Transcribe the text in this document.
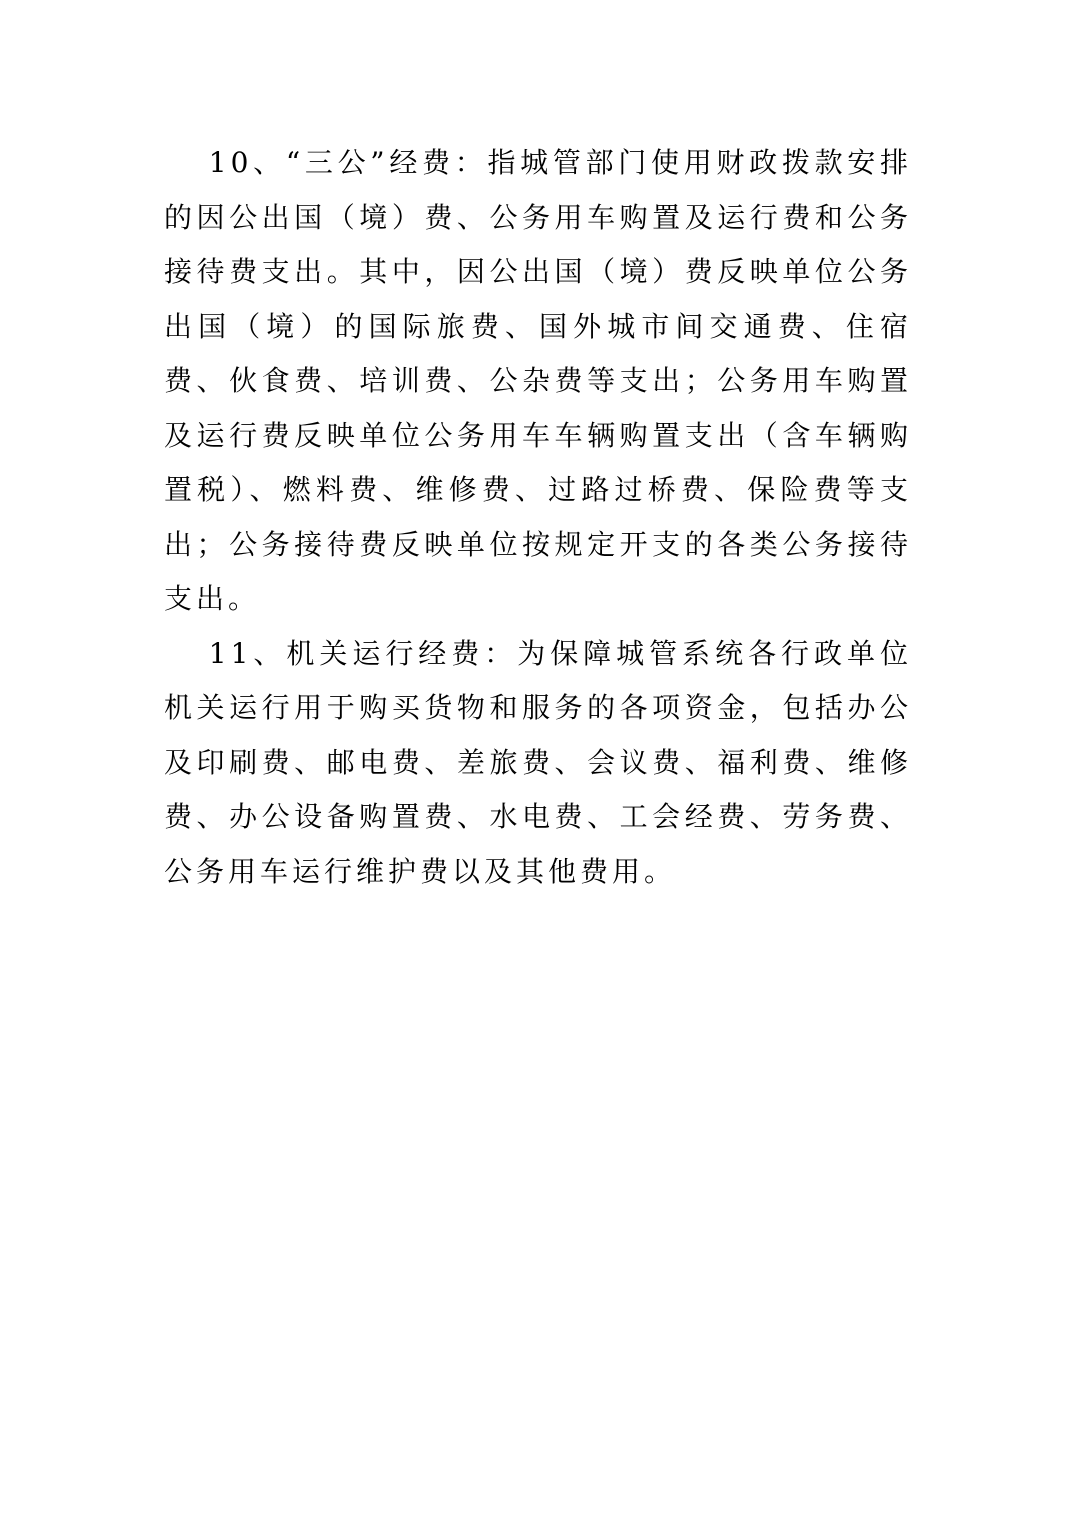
10、“三公”经费：指城管部门使用财政拨款安排的因公出国（境）费、公务用车购置及运行费和公务接待费支出。其中，因公出国（境）费反映单位公务出国（境）的国际旅费、国外城市间交通费、住宿费、伙食费、培训费、公杂费等支出；公务用车购置及运行费反映单位公务用车车辆购置支出（含车辆购置税）、燃料费、维修费、过路过桥费、保险费等支出；公务接待费反映单位按规定开支的各类公务接待支出。

11、机关运行经费：为保障城管系统各行政单位机关运行用于购买货物和服务的各项资金，包括办公及印刷费、邮电费、差旅费、会议费、福利费、维修费、办公设备购置费、水电费、工会经费、劳务费、公务用车运行维护费以及其他费用。
